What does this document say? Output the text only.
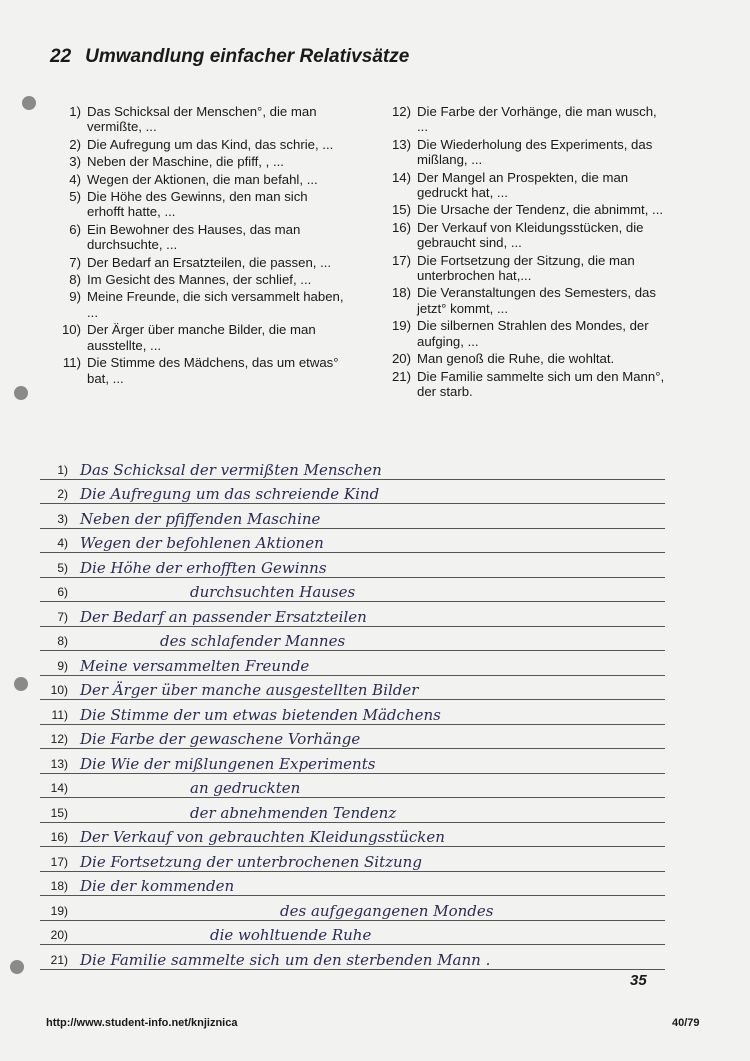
22 Umwandlung einfacher Relativsätze
1) Das Schicksal der Menschen°, die man vermißte, ...
2) Die Aufregung um das Kind, das schrie, ...
3) Neben der Maschine, die pfiff, , ...
4) Wegen der Aktionen, die man befahl, ...
5) Die Höhe des Gewinns, den man sich erhofft hatte, ...
6) Ein Bewohner des Hauses, das man durchsuchte, ...
7) Der Bedarf an Ersatzteilen, die passen, ...
8) Im Gesicht des Mannes, der schlief, ...
9) Meine Freunde, die sich versammelt haben, ...
10) Der Ärger über manche Bilder, die man ausstellte, ...
11) Die Stimme des Mädchens, das um etwas° bat, ...
12) Die Farbe der Vorhänge, die man wusch, ...
13) Die Wiederholung des Experiments, das mißlang, ...
14) Der Mangel an Prospekten, die man gedruckt hat, ...
15) Die Ursache der Tendenz, die abnimmt, ...
16) Der Verkauf von Kleidungsstücken, die gebraucht sind, ...
17) Die Fortsetzung der Sitzung, die man unterbrochen hat,...
18) Die Veranstaltungen des Semesters, das jetzt° kommt, ...
19) Die silbernen Strahlen des Mondes, der aufging, ...
20) Man genoß die Ruhe, die wohltat.
21) Die Familie sammelte sich um den Mann°, der starb.
1) Das Schicksal der vermißten Menschen
2) Die Aufregung um das schreiende Kind
3) Neben der pfiffenden Maschine
4) Wegen der befohlenen Aktionen
5) Die Höhe der erhofften Gewinns
6)	durchsuchten Hauses
7) Der Bedarf an passender Ersatzteilen
8)	des schlafender Mannes
9) Meine versammelten Freunde
10) Der Ärger über manche ausgestellten Bilder
11) Die Stimme der um etwas bietenden Mädchens
12) Die Farbe der gewaschene Vorhänge
13) Die Wie der mißlungenen Experiments
14)	an gedruckten
15)	der abnehmenden Tendenz
16) Der Verkauf von gebrauchten Kleidungsstücken
17) Die Fortsetzung der unterbrochenen Sitzung
18) Die der kommenden
19)	des aufgegangenen Mondes
20)	die wohltuende Ruhe
21) Die Familie sammelte sich um den sterbenden Mann .
35
http://www.student-info.net/knjiznica	40/79
